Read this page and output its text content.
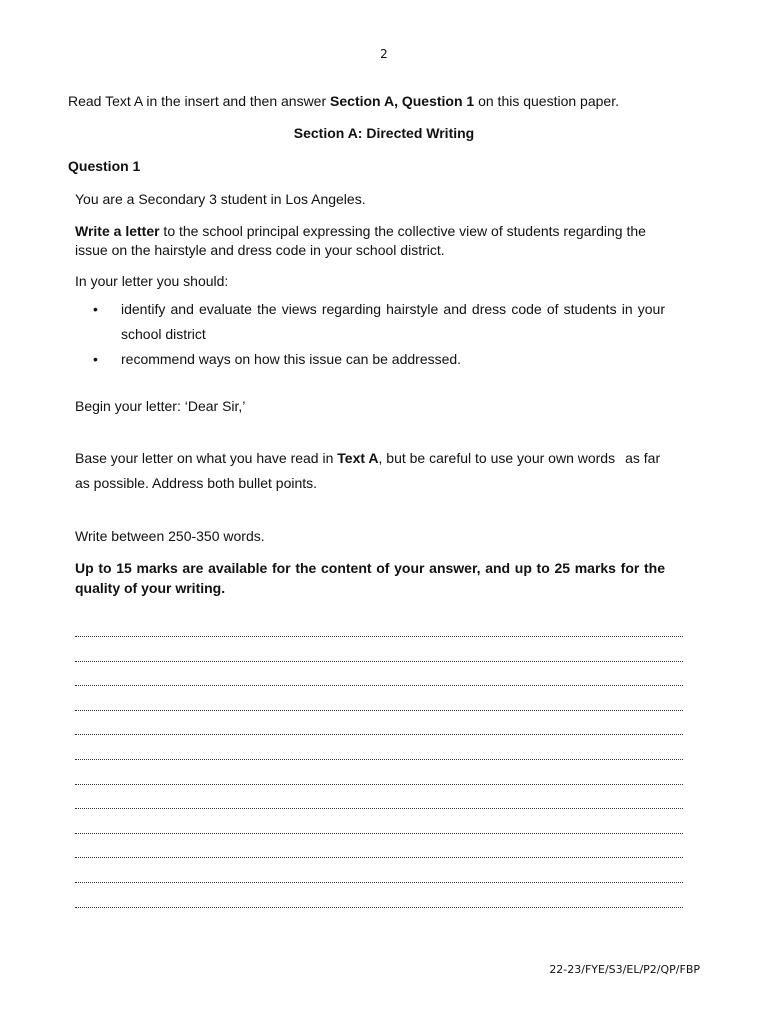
2
Read Text A in the insert and then answer Section A, Question 1 on this question paper.
Section A: Directed Writing
Question 1
You are a Secondary 3 student in Los Angeles.
Write a letter to the school principal expressing the collective view of students regarding the issue on the hairstyle and dress code in your school district.
In your letter you should:
• identify and evaluate the views regarding hairstyle and dress code of students in your school district
• recommend ways on how this issue can be addressed.
Begin your letter: ‘Dear Sir,’
Base your letter on what you have read in Text A, but be careful to use your own words as far as possible. Address both bullet points.
Write between 250-350 words.
Up to 15 marks are available for the content of your answer, and up to 25 marks for the quality of your writing.
22-23/FYE/S3/EL/P2/QP/FBP
